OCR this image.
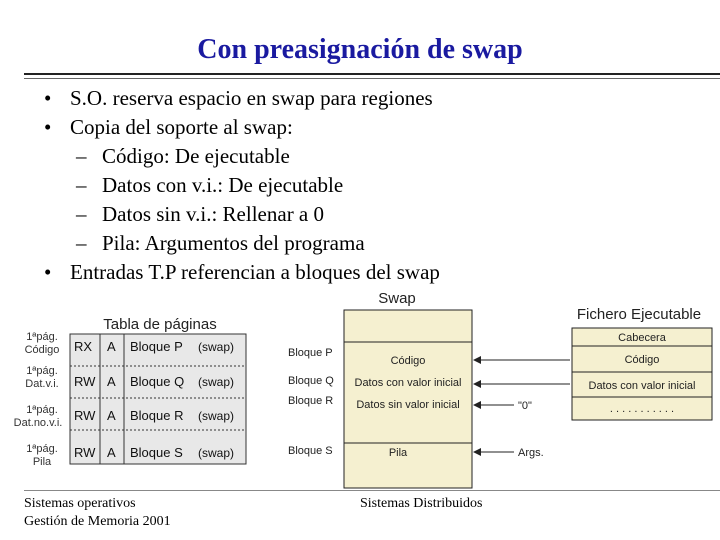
Con preasignación de swap
• S.O. reserva espacio en swap para regiones
• Copia del soporte al swap:
– Código: De ejecutable
– Datos con v.i.: De ejecutable
– Datos sin v.i.: Rellenar a 0
– Pila: Argumentos del programa
• Entradas T.P referencian a bloques del swap
Tabla de páginas
1ªpág.
Código
1ªpág.
Dat.v.i.
1ªpág.
Dat.no.v.i.
1ªpág.
Pila
RX A Bloque P (swap)
RW A Bloque Q (swap)
RW A Bloque R (swap)
RW A Bloque S (swap)
Swap
Bloque P
Bloque Q
Bloque R
Bloque S
Código
Datos con valor inicial
Datos sin valor inicial
Pila
Fichero Ejecutable
Cabecera
Código
Datos con valor inicial
. . . . . . . . . . .
"0"
Args.
Sistemas operativos
Gestión de Memoria 2001
Sistemas Distribuidos
